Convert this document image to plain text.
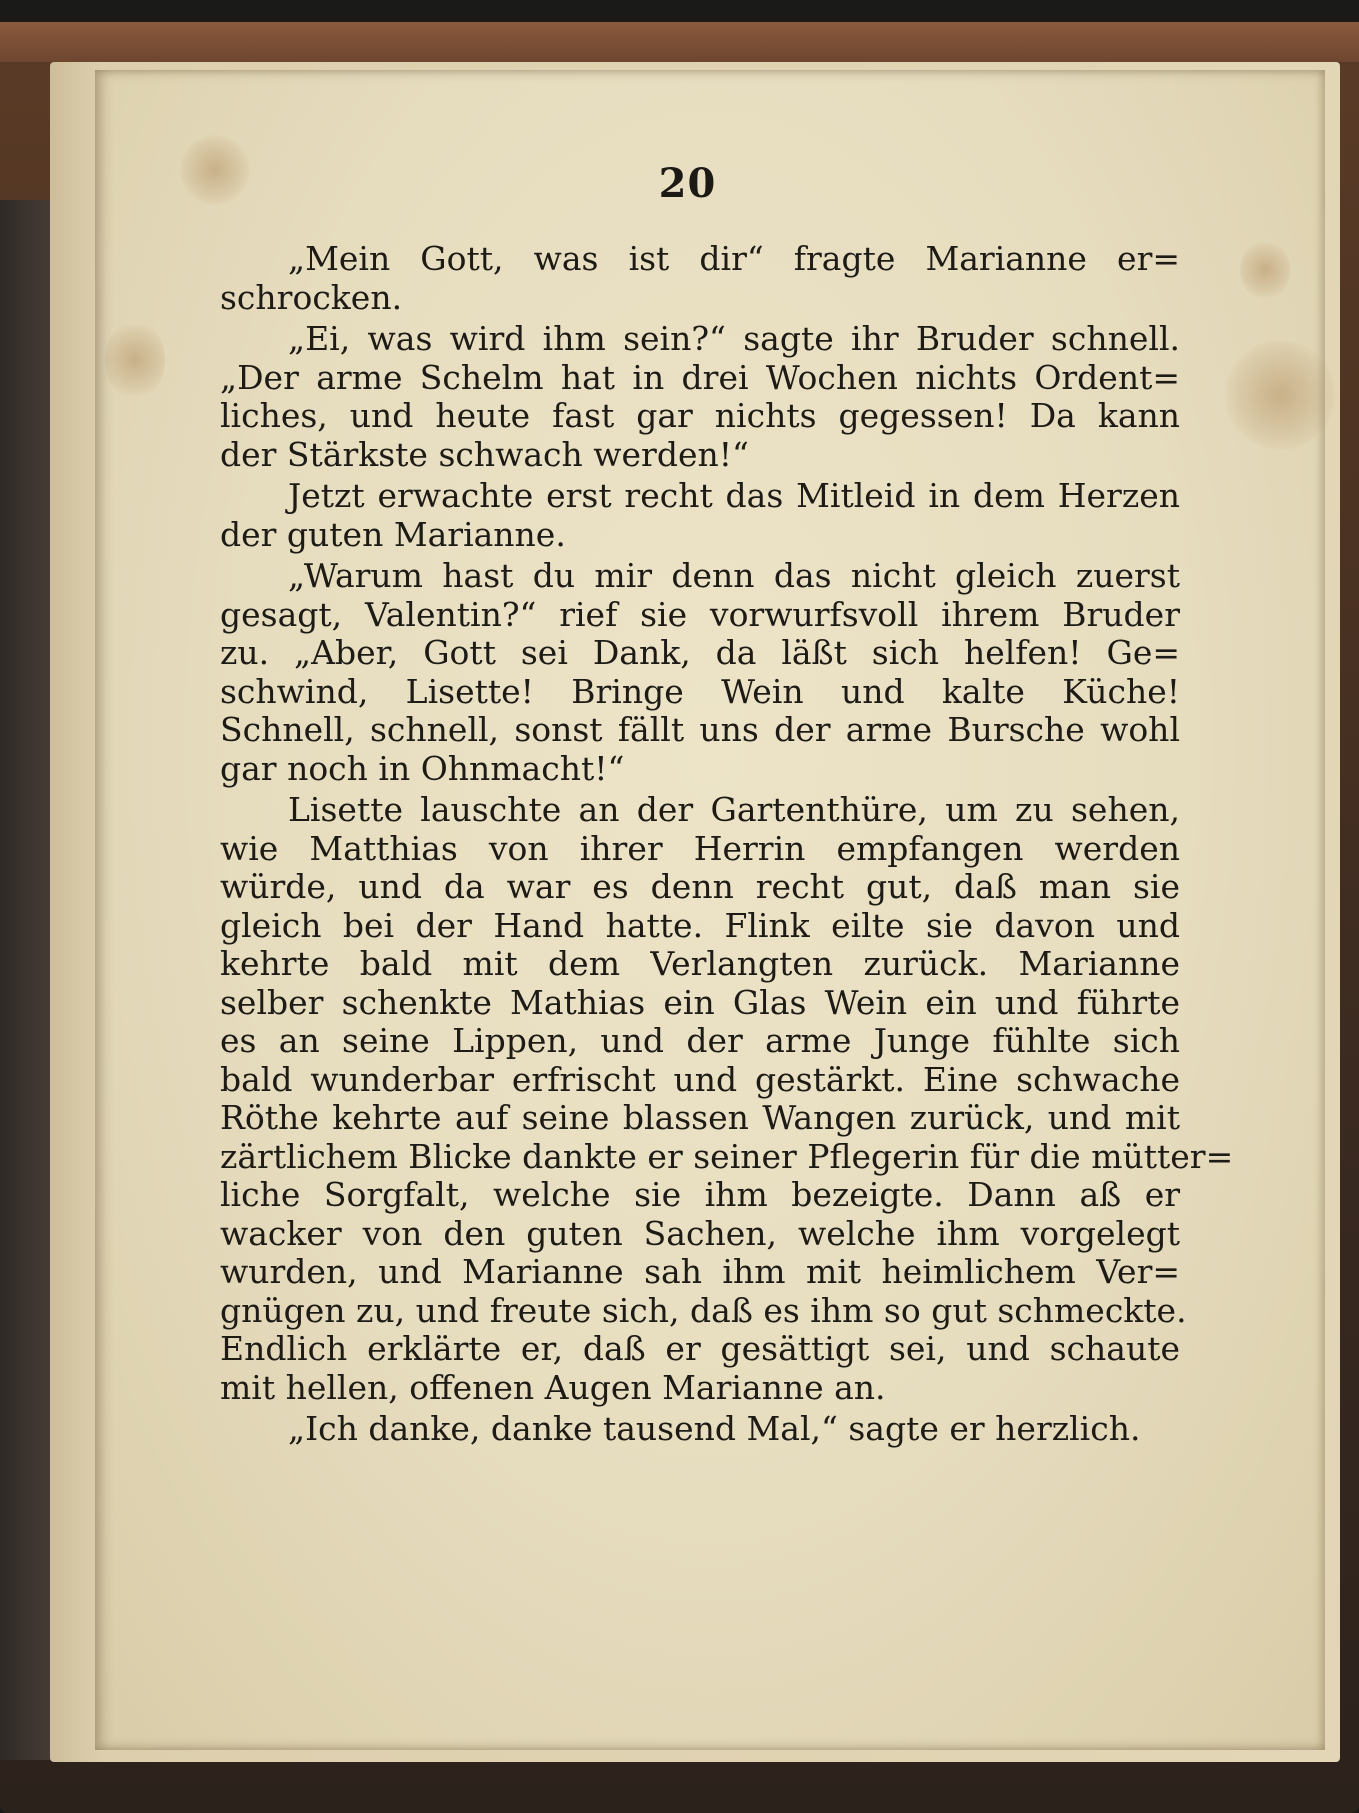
20
„Mein Gott, was ist dir“ fragte Marianne er=
schrocken.
„Ei, was wird ihm sein?“ sagte ihr Bruder schnell.
„Der arme Schelm hat in drei Wochen nichts Ordent=
liches, und heute fast gar nichts gegessen! Da kann
der Stärkste schwach werden!“
Jetzt erwachte erst recht das Mitleid in dem Herzen
der guten Marianne.
„Warum hast du mir denn das nicht gleich zuerst
gesagt, Valentin?“ rief sie vorwurfsvoll ihrem Bruder
zu. „Aber, Gott sei Dank, da läßt sich helfen! Ge=
schwind, Lisette! Bringe Wein und kalte Küche!
Schnell, schnell, sonst fällt uns der arme Bursche wohl
gar noch in Ohnmacht!“
Lisette lauschte an der Gartenthüre, um zu sehen,
wie Matthias von ihrer Herrin empfangen werden
würde, und da war es denn recht gut, daß man sie
gleich bei der Hand hatte. Flink eilte sie davon und
kehrte bald mit dem Verlangten zurück. Marianne
selber schenkte Mathias ein Glas Wein ein und führte
es an seine Lippen, und der arme Junge fühlte sich
bald wunderbar erfrischt und gestärkt. Eine schwache
Röthe kehrte auf seine blassen Wangen zurück, und mit
zärtlichem Blicke dankte er seiner Pflegerin für die mütter=
liche Sorgfalt, welche sie ihm bezeigte. Dann aß er
wacker von den guten Sachen, welche ihm vorgelegt
wurden, und Marianne sah ihm mit heimlichem Ver=
gnügen zu, und freute sich, daß es ihm so gut schmeckte.
Endlich erklärte er, daß er gesättigt sei, und schaute
mit hellen, offenen Augen Marianne an.
„Ich danke, danke tausend Mal,“ sagte er herzlich.
